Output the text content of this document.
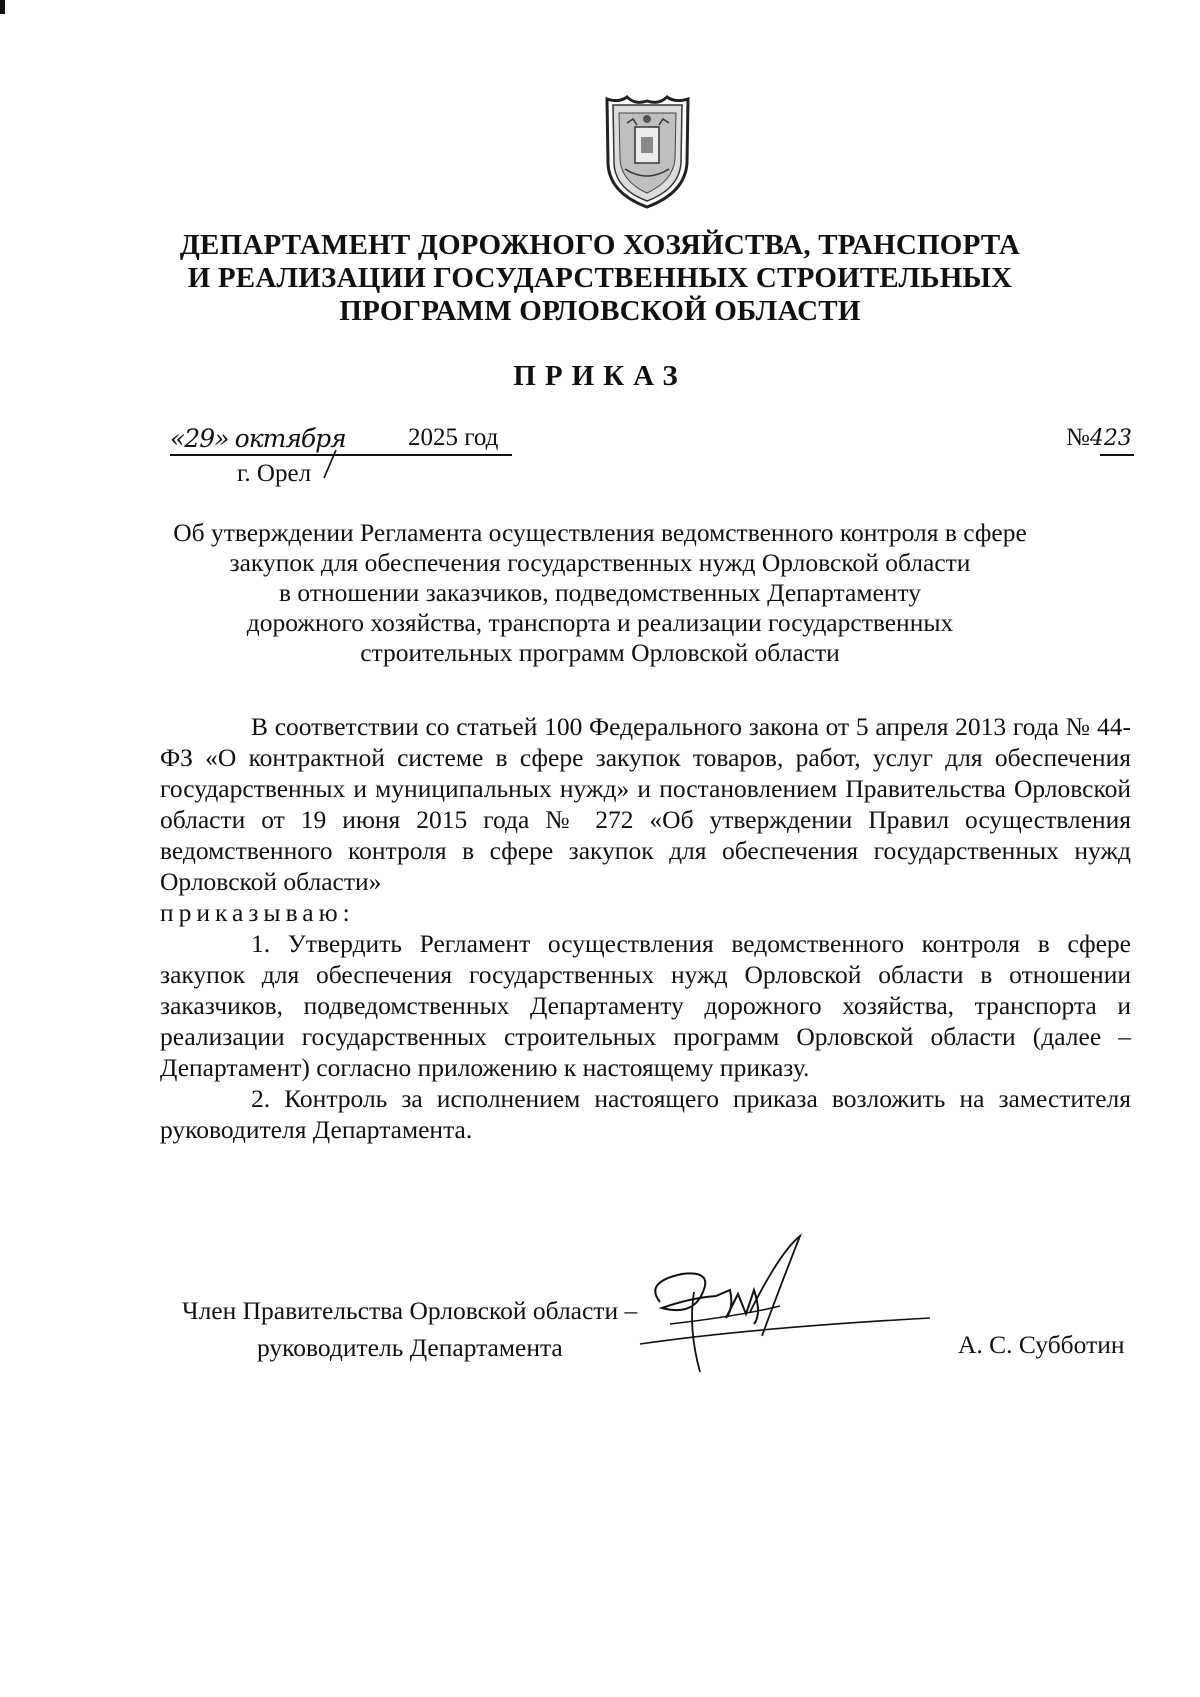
ДЕПАРТАМЕНТ ДОРОЖНОГО ХОЗЯЙСТВА, ТРАНСПОРТА
И РЕАЛИЗАЦИИ ГОСУДАРСТВЕННЫХ СТРОИТЕЛЬНЫХ
ПРОГРАММ ОРЛОВСКОЙ ОБЛАСТИ
ПРИКАЗ
«29» октября 2025 год	№423
г. Орел
Об утверждении Регламента осуществления ведомственного контроля в сфере
закупок для обеспечения государственных нужд Орловской области
в отношении заказчиков, подведомственных Департаменту
дорожного хозяйства, транспорта и реализации государственных
строительных программ Орловской области

В соответствии со статьей 100 Федерального закона от 5 апреля 2013 года № 44-ФЗ «О контрактной системе в сфере закупок товаров, работ, услуг для обеспечения государственных и муниципальных нужд» и постановлением Правительства Орловской области от 19 июня 2015 года № 272 «Об утверждении Правил осуществления ведомственного контроля в сфере закупок для обеспечения государственных нужд Орловской области»

приказываю:

1. Утвердить Регламент осуществления ведомственного контроля в сфере закупок для обеспечения государственных нужд Орловской области в отношении заказчиков, подведомственных Департаменту дорожного хозяйства, транспорта и реализации государственных строительных программ Орловской области (далее – Департамент) согласно приложению к настоящему приказу.

2. Контроль за исполнением настоящего приказа возложить на заместителя руководителя Департамента.

Член Правительства Орловской области –
руководитель Департамента	А. С. Субботин
